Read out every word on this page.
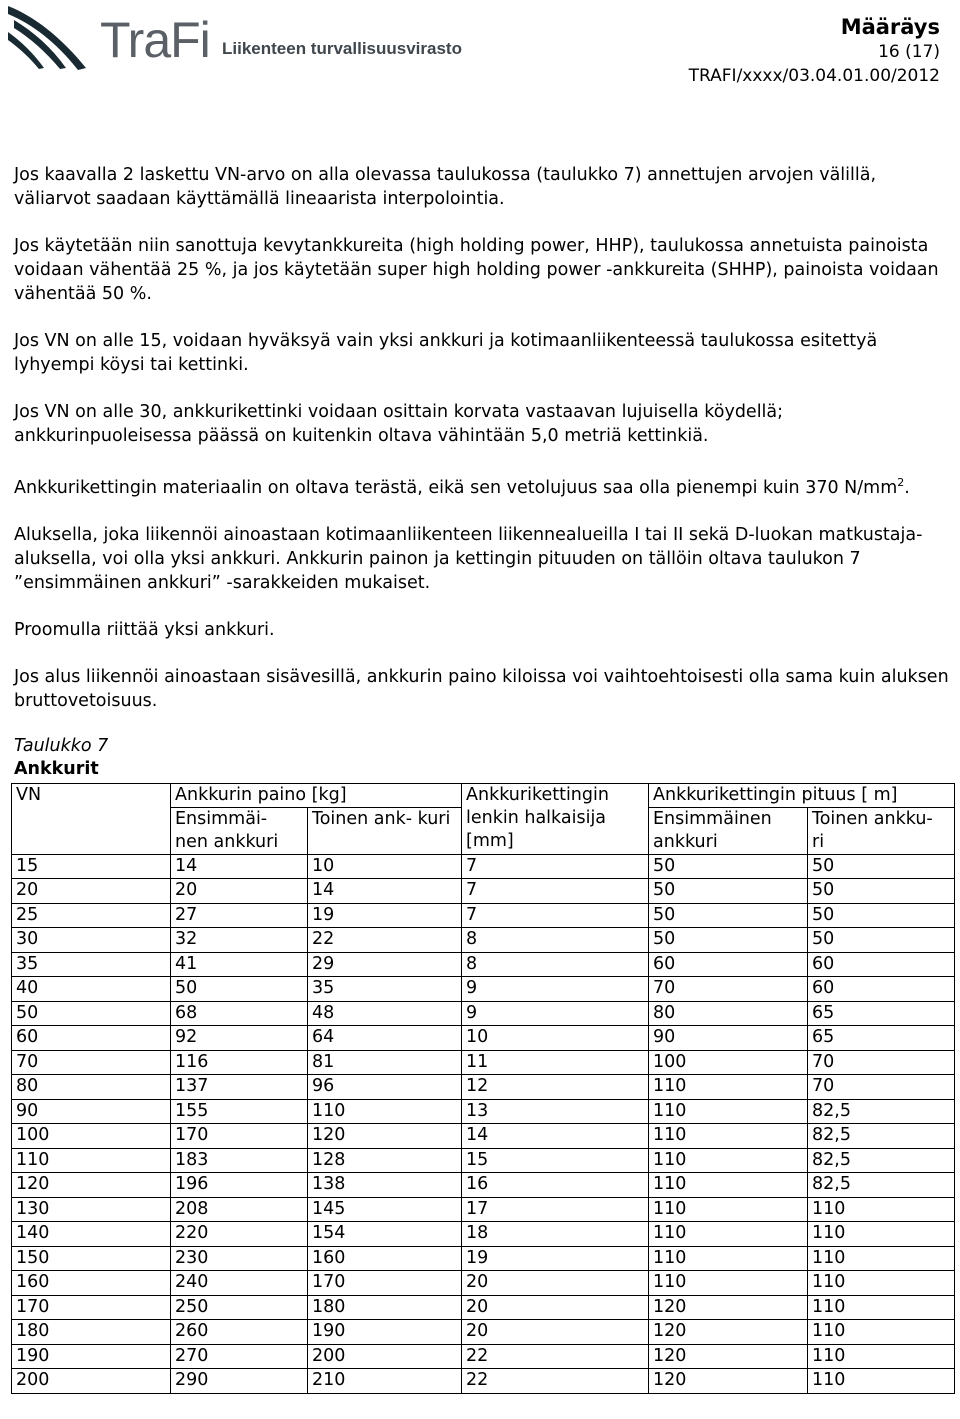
TraFi Liikenteen turvallisuusvirasto
Määräys
16 (17)
TRAFI/xxxx/03.04.01.00/2012

Jos kaavalla 2 laskettu VN-arvo on alla olevassa taulukossa (taulukko 7) annettujen arvojen välillä, väliarvot saadaan käyttämällä lineaarista interpolointia.

Jos käytetään niin sanottuja kevytankkureita (high holding power, HHP), taulukossa annetuista painoista voidaan vähentää 25 %, ja jos käytetään super high holding power -ankkureita (SHHP), painoista voidaan vähentää 50 %.

Jos VN on alle 15, voidaan hyväksyä vain yksi ankkuri ja kotimaanliikenteessä taulukossa esitettyä lyhyempi köysi tai kettinki.

Jos VN on alle 30, ankkurikettinki voidaan osittain korvata vastaavan lujuisella köydellä; ankkurinpuoleisessa päässä on kuitenkin oltava vähintään 5,0 metriä kettinkiä.

Ankkurikettingin materiaalin on oltava terästä, eikä sen vetolujuus saa olla pienempi kuin 370 $N/mm^2$.

Aluksella, joka liikennöi ainoastaan kotimaanliikenteen liikennealueilla I tai II sekä D-luokan matkustaja-aluksella, voi olla yksi ankkuri. Ankkurin painon ja kettingin pituuden on tällöin oltava taulukon 7 ”ensimmäinen ankkuri” -sarakkeiden mukaiset.

Proomulla riittää yksi ankkuri.

Jos alus liikennöi ainoastaan sisävesillä, ankkurin paino kiloissa voi vaihtoehtoisesti olla sama kuin aluksen bruttovetoisuus.

Taulukko 7

Ankkurit

VN	Ankkurin paino [kg]		Ankkurikettingin lenkin halkaisija [mm]	Ankkurikettingin pituus [ m]	
	Ensimmäi- nen ankkuri	Toinen ank- kuri		Ensimmäinen ankkuri	Toinen ankku- ri
15	14	10	7	50	50
20	20	14	7	50	50
25	27	19	7	50	50
30	32	22	8	50	50
35	41	29	8	60	60
40	50	35	9	70	60
50	68	48	9	80	65
60	92	64	10	90	65
70	116	81	11	100	70
80	137	96	12	110	70
90	155	110	13	110	82,5
100	170	120	14	110	82,5
110	183	128	15	110	82,5
120	196	138	16	110	82,5
130	208	145	17	110	110
140	220	154	18	110	110
150	230	160	19	110	110
160	240	170	20	110	110
170	250	180	20	120	110
180	260	190	20	120	110
190	270	200	22	120	110
200	290	210	22	120	110
